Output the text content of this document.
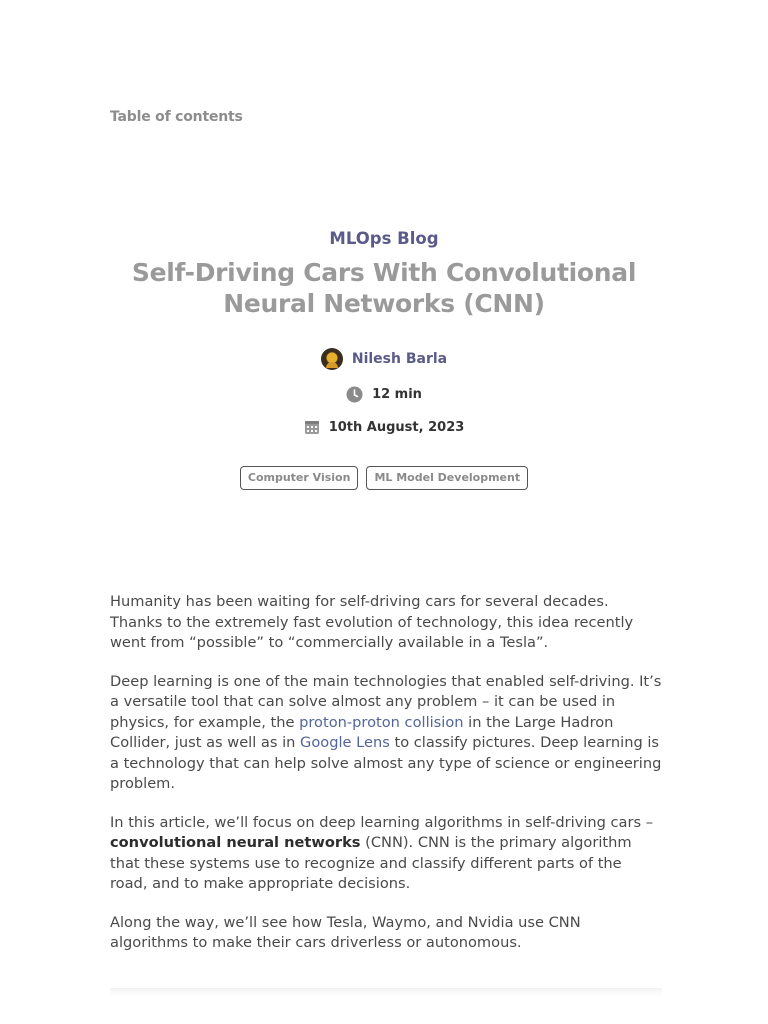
Table of contents
MLOps Blog
Self-Driving Cars With Convolutional Neural Networks (CNN)
Nilesh Barla
12 min
10th August, 2023
Computer Vision	ML Model Development

Humanity has been waiting for self-driving cars for several decades. Thanks to the extremely fast evolution of technology, this idea recently went from “possible” to “commercially available in a Tesla”.

Deep learning is one of the main technologies that enabled self-driving. It’s a versatile tool that can solve almost any problem – it can be used in physics, for example, the proton-proton collision in the Large Hadron Collider, just as well as in Google Lens to classify pictures. Deep learning is a technology that can help solve almost any type of science or engineering problem.

In this article, we’ll focus on deep learning algorithms in self-driving cars – convolutional neural networks (CNN). CNN is the primary algorithm that these systems use to recognize and classify different parts of the road, and to make appropriate decisions.

Along the way, we’ll see how Tesla, Waymo, and Nvidia use CNN algorithms to make their cars driverless or autonomous.
